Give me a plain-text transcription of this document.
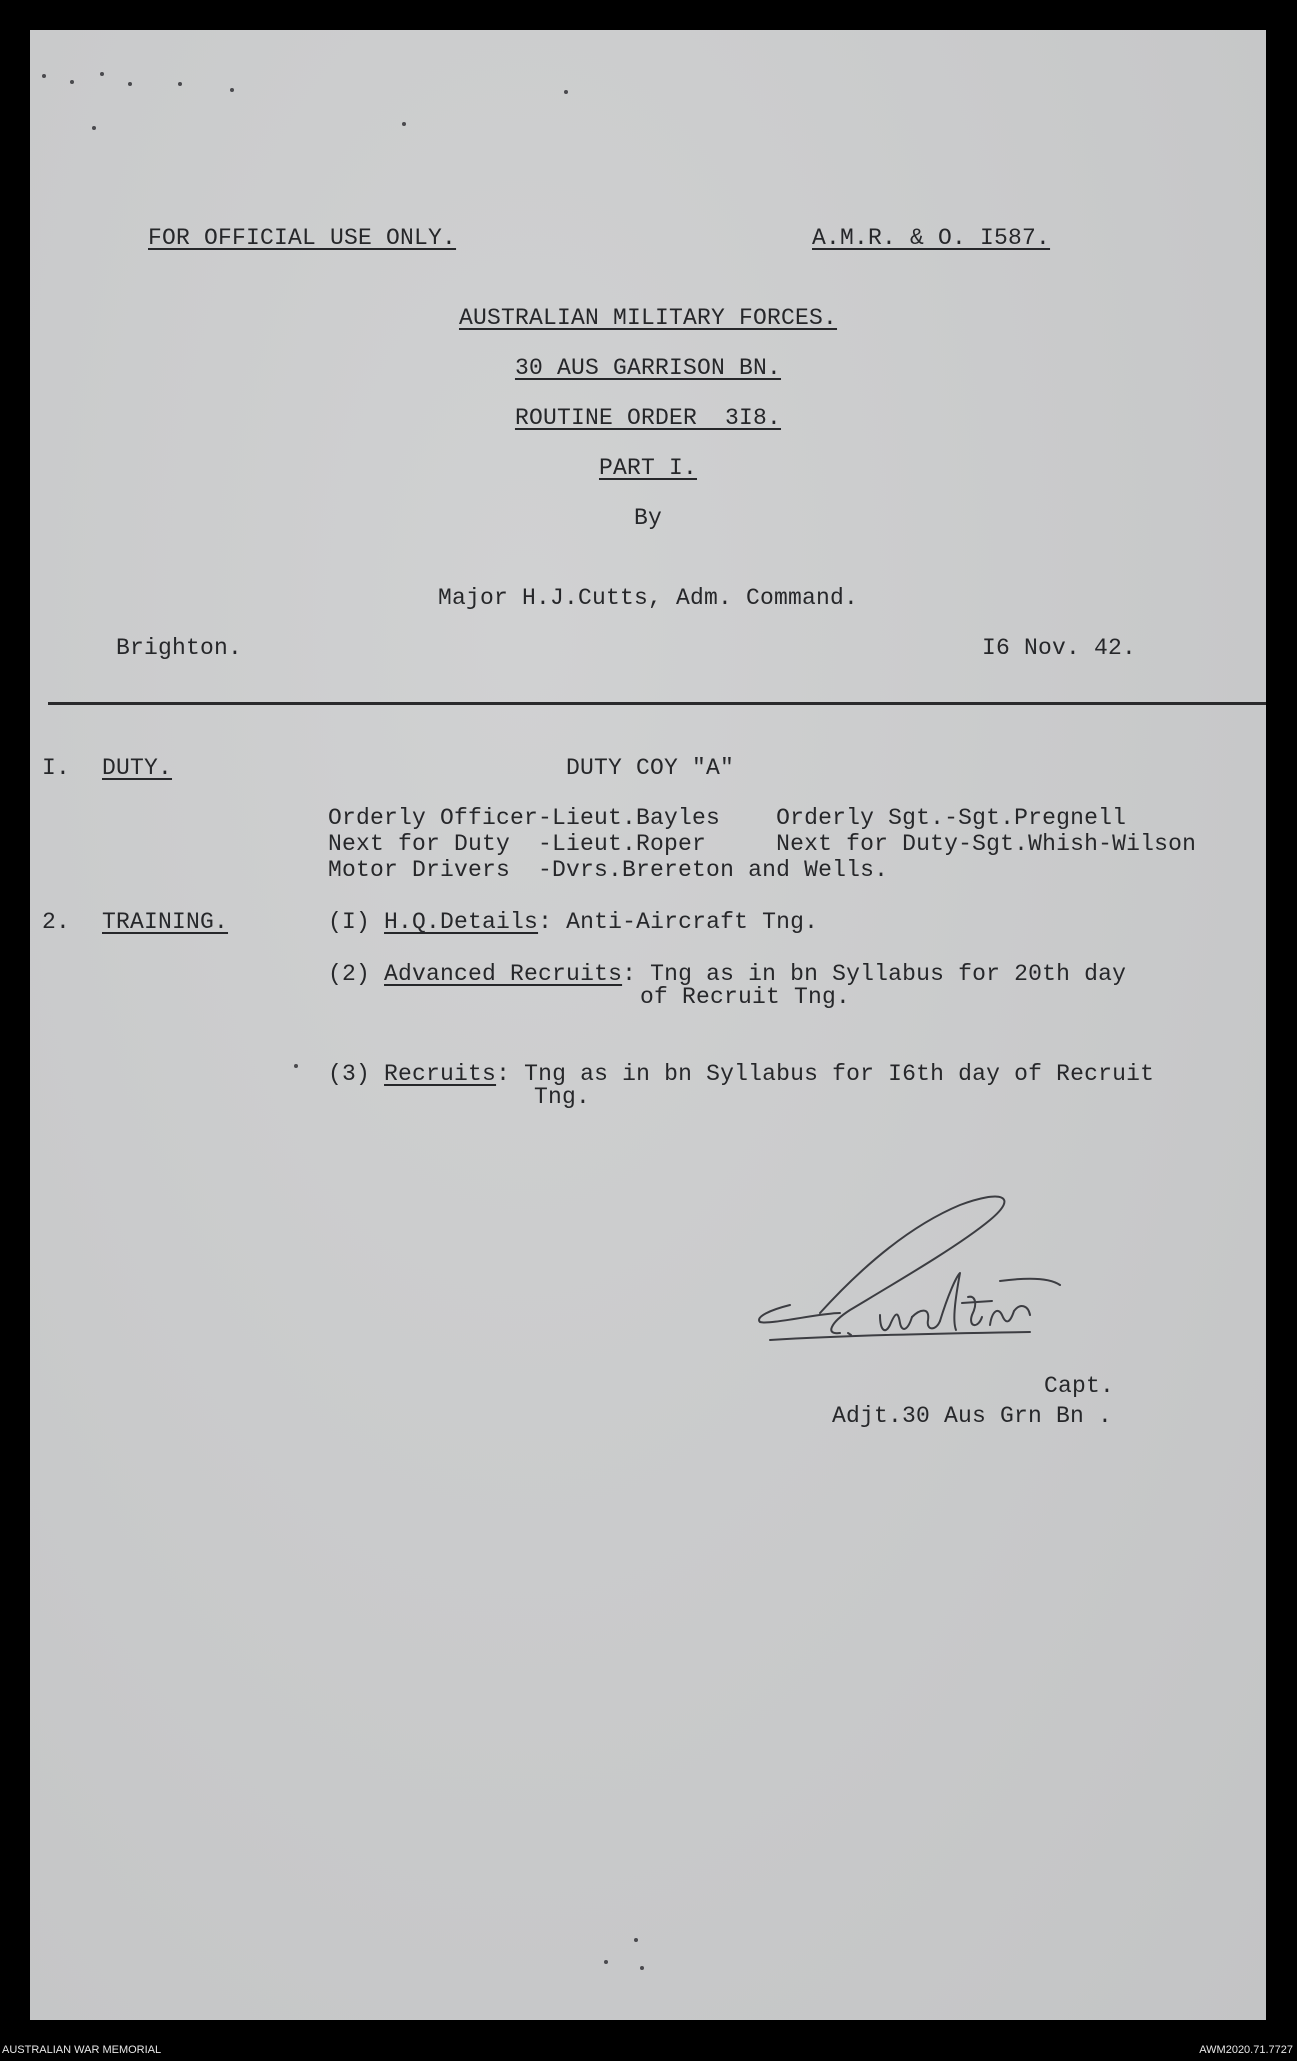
FOR OFFICIAL USE ONLY.	A.M.R. & O. I587.
AUSTRALIAN MILITARY FORCES.
30 AUS GARRISON BN.
ROUTINE ORDER  3I8.
PART I.
By
Major H.J.Cutts, Adm. Command.
Brighton.	I6 Nov. 42.
I. DUTY.	DUTY COY "A"
Orderly Officer-Lieut.Bayles    Orderly Sgt.-Sgt.Pregnell
Next for Duty  -Lieut.Roper     Next for Duty-Sgt.Whish-Wilson
Motor Drivers  -Dvrs.Brereton and Wells.
2. TRAINING.	(I) H.Q.Details: Anti-Aircraft Tng.
(2) Advanced Recruits: Tng as in bn Syllabus for 20th day
of Recruit Tng.
(3) Recruits: Tng as in bn Syllabus for I6th day of Recruit
Tng.
Capt.
Adjt.30 Aus Grn Bn .
AUSTRALIAN WAR MEMORIAL	AWM2020.71.7727
